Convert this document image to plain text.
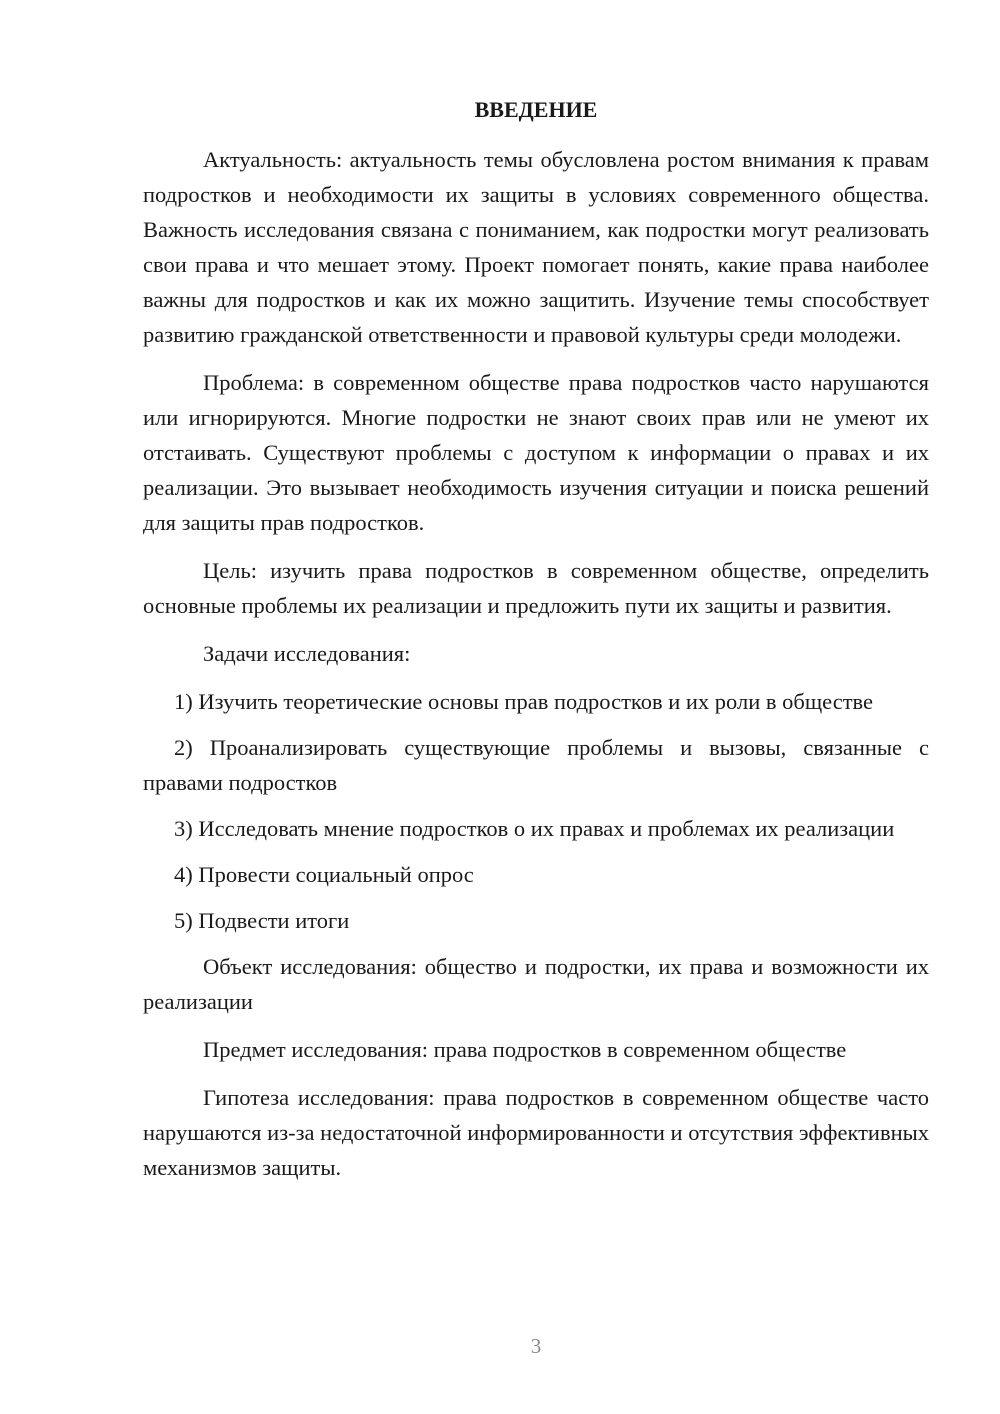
ВВЕДЕНИЕ

Актуальность: актуальность темы обусловлена ростом внимания к правам подростков и необходимости их защиты в условиях современного общества. Важность исследования связана с пониманием, как подростки могут реализовать свои права и что мешает этому. Проект помогает понять, какие права наиболее важны для подростков и как их можно защитить. Изучение темы способствует развитию гражданской ответственности и правовой культуры среди молодежи.

Проблема: в современном обществе права подростков часто нарушаются или игнорируются. Многие подростки не знают своих прав или не умеют их отстаивать. Существуют проблемы с доступом к информации о правах и их реализации. Это вызывает необходимость изучения ситуации и поиска решений для защиты прав подростков.

Цель: изучить права подростков в современном обществе, определить основные проблемы их реализации и предложить пути их защиты и развития.

Задачи исследования:

1) Изучить теоретические основы прав подростков и их роли в обществе

2) Проанализировать существующие проблемы и вызовы, связанные с правами подростков

3) Исследовать мнение подростков о их правах и проблемах их реализации

4) Провести социальный опрос

5) Подвести итоги

Объект исследования: общество и подростки, их права и возможности их реализации

Предмет исследования: права подростков в современном обществе

Гипотеза исследования: права подростков в современном обществе часто нарушаются из-за недостаточной информированности и отсутствия эффективных механизмов защиты.

3
